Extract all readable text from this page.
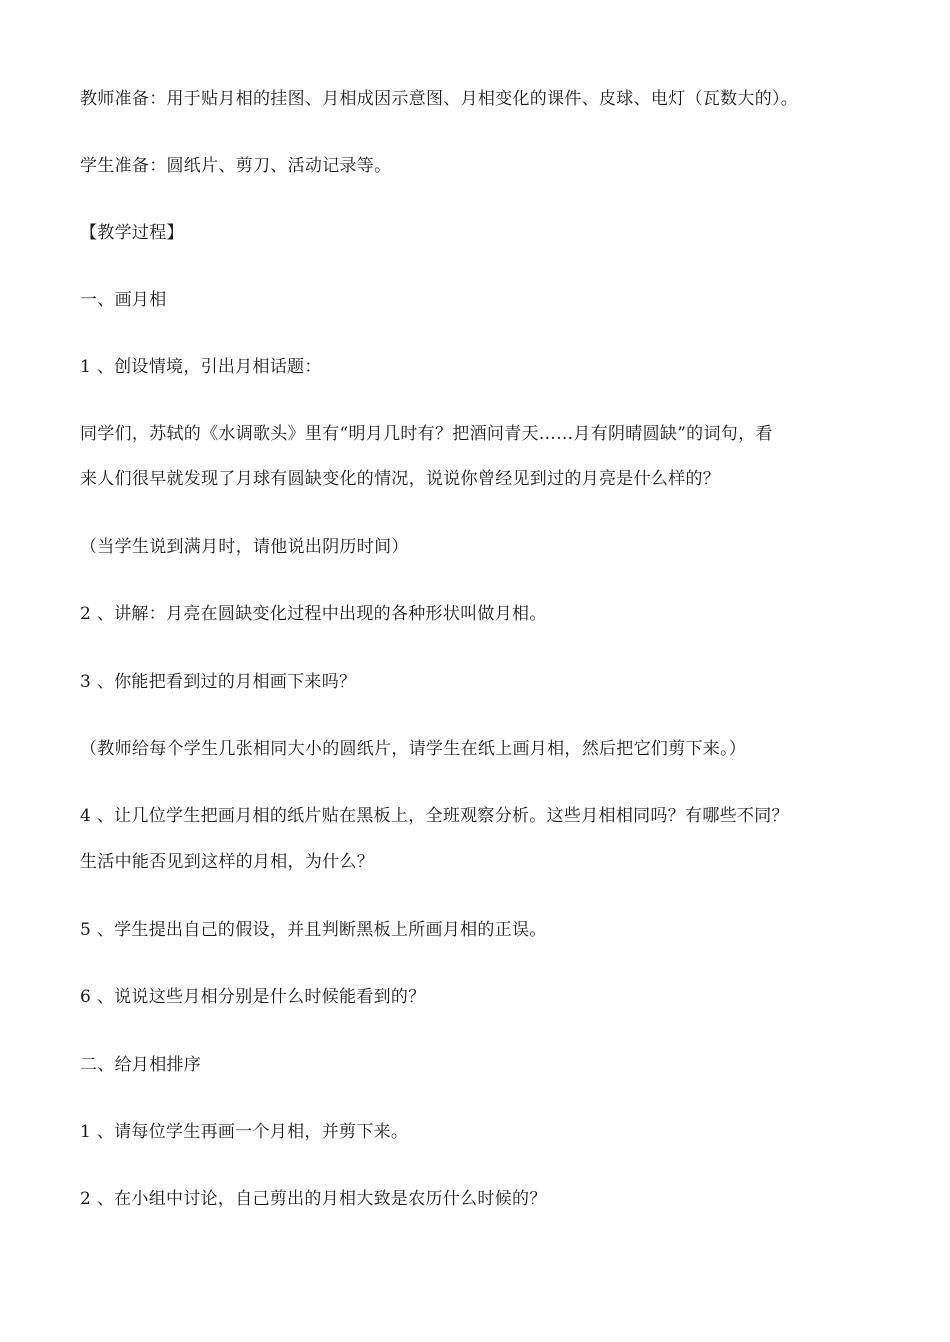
教师准备：用于贴月相的挂图、月相成因示意图、月相变化的课件、皮球、电灯（瓦数大的）。
学生准备：圆纸片、剪刀、活动记录等。
【教学过程】
一、画月相
1 、创设情境，引出月相话题：
同学们，苏轼的《水调歌头》里有“明月几时有？把酒问青天……月有阴晴圆缺”的词句，看
来人们很早就发现了月球有圆缺变化的情况，说说你曾经见到过的月亮是什么样的？
（当学生说到满月时，请他说出阴历时间）
2 、讲解：月亮在圆缺变化过程中出现的各种形状叫做月相。
3 、你能把看到过的月相画下来吗？
（教师给每个学生几张相同大小的圆纸片，请学生在纸上画月相，然后把它们剪下来。）
4 、让几位学生把画月相的纸片贴在黑板上，全班观察分析。这些月相相同吗？有哪些不同？
生活中能否见到这样的月相，为什么？
5 、学生提出自己的假设，并且判断黑板上所画月相的正误。
6 、说说这些月相分别是什么时候能看到的？
二、给月相排序
1 、请每位学生再画一个月相，并剪下来。
2 、在小组中讨论，自己剪出的月相大致是农历什么时候的？
